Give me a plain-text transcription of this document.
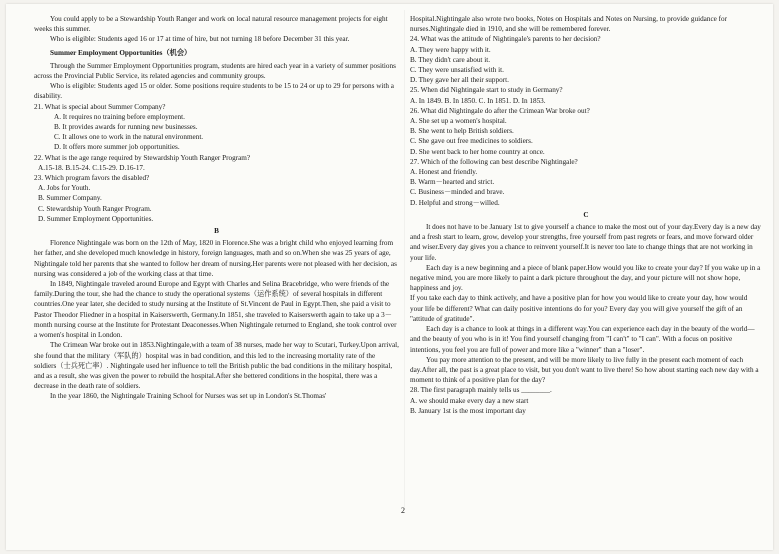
You could apply to be a Stewardship Youth Ranger and work on local natural resource management projects for eight weeks this summer.

Who is eligible: Students aged 16 or 17 at time of hire, but not turning 18 before December 31 this year.

Summer Employment Opportunities（机会）

Through the Summer Employment Opportunities program, students are hired each year in a variety of summer positions across the Provincial Public Service, its related agencies and community groups.

Who is eligible: Students aged 15 or older. Some positions require students to be 15 to 24 or up to 29 for persons with a disability.

21. What is special about Summer Company?

A. It requires no training before employment.

B. It provides awards for running new businesses.

C. It allows one to work in the natural environment.

D. It offers more summer job opportunities.

22. What is the age range required by Stewardship Youth Ranger Program?

A.15-18. B.15-24. C.15-29. D.16-17.

23. Which program favors the disabled?

A. Jobs for Youth.

B. Summer Company.

C. Stewardship Youth Ranger Program.

D. Summer Employment Opportunities.

B

Florence Nightingale was born on the 12th of May, 1820 in Florence.She was a bright child who enjoyed learning from her father, and she developed much knowledge in history, foreign languages, math and so on.When she was 25 years of age, Nightingale told her parents that she wanted to follow her dream of nursing.Her parents were not pleased with her decision, as nursing was considered a job of the working class at that time.

In 1849, Nightingale traveled around Europe and Egypt with Charles and Selina Bracebridge, who were friends of the family.During the tour, she had the chance to study the operational systems（运作系统）of several hospitals in different countries.One year later, she decided to study nursing at the Institute of St.Vincent de Paul in Egypt.Then, she paid a visit to Pastor Theodor Fliedner in a hospital in Kaiserswerth, Germany.In 1851, she traveled to Kaiserswerth again to take up a 3－month nursing course at the Institute for Protestant Deaconesses.When Nightingale returned to England, she took control over a women's hospital in London.

The Crimean War broke out in 1853.Nightingale,with a team of 38 nurses, made her way to Scutari, Turkey.Upon arrival, she found that the military（军队的）hospital was in bad condition, and this led to the increasing mortality rate of the soldiers（士兵死亡率）. Nightingale used her influence to tell the British public the bad conditions in the military hospital, and as a result, she was given the power to rebuild the hospital.After she bettered conditions in the hospital, there was a decrease in the death rate of soldiers.

In the year 1860, the Nightingale Training School for Nurses was set up in London's St.Thomas'

Hospital.Nightingale also wrote two books, Notes on Hospitals and Notes on Nursing, to provide guidance for nurses.Nightingale died in 1910, and she will be remembered forever.

24. What was the attitude of Nightingale's parents to her decision?

A. They were happy with it.

B. They didn't care about it.

C. They were unsatisfied with it.

D. They gave her all their support.

25. When did Nightingale start to study in Germany?

A. In 1849. B. In 1850. C. In 1851. D. In 1853.

26. What did Nightingale do after the Crimean War broke out?

A. She set up a women's hospital.

B. She went to help British soldiers.

C. She gave out free medicines to soldiers.

D. She went back to her home country at once.

27. Which of the following can best describe Nightingale?

A. Honest and friendly.

B. Warm－hearted and strict.

C. Business－minded and brave.

D. Helpful and strong－willed.

C

It does not have to be January 1st to give yourself a chance to make the most out of your day.Every day is a new day and a fresh start to learn, grow, develop your strengths, free yourself from past regrets or fears, and move forward older and wiser.Every day gives you a chance to reinvent yourself.It is never too late to change things that are not working in your life.

Each day is a new beginning and a piece of blank paper.How would you like to create your day? If you wake up in a negative mind, you are more likely to paint a dark picture throughout the day, and your picture will not show hope, happiness and joy.

If you take each day to think actively, and have a positive plan for how you would like to create your day, how would your life be different? What can daily positive intentions do for you? Every day you will give yourself the gift of an "attitude of gratitude".

Each day is a chance to look at things in a different way.You can experience each day in the beauty of the world—and the beauty of you who is in it! You find yourself changing from "I can't" to "I can". With a focus on positive intentions, you feel you are full of power and more like a "winner" than a "loser".

You pay more attention to the present, and will be more likely to live fully in the present each moment of each day.After all, the past is a great place to visit, but you don't want to live there! So how about starting each new day with a moment to think of a positive plan for the day?

28. The first paragraph mainly tells us ________.

A. we should make every day a new start

B. January 1st is the most important day

2
